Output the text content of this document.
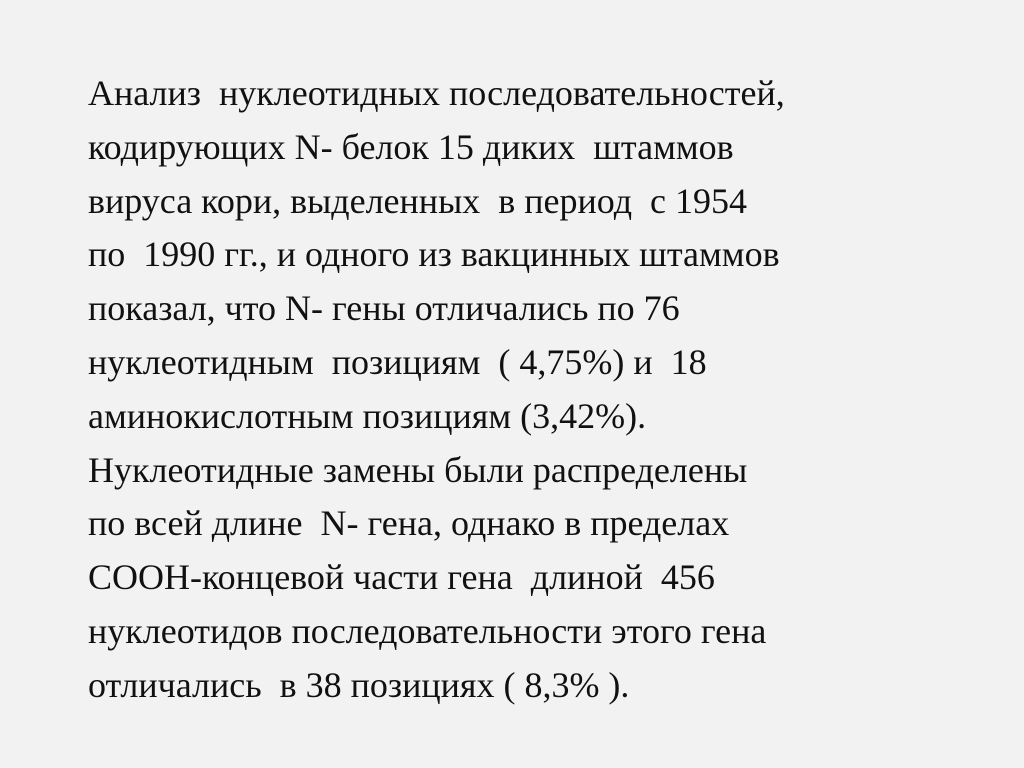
Анализ  нуклеотидных последовательностей,
кодирующих N- белок 15 диких  штаммов
вируса кори, выделенных  в период  с 1954
по  1990 гг., и одного из вакцинных штаммов
показал, что N- гены отличались по 76
нуклеотидным  позициям  ( 4,75%) и  18
аминокислотным позициям (3,42%).
Нуклеотидные замены были распределены
по всей длине  N- гена, однако в пределах
COOH-концевой части гена  длиной  456
нуклеотидов последовательности этого гена
отличались  в 38 позициях ( 8,3% ).
